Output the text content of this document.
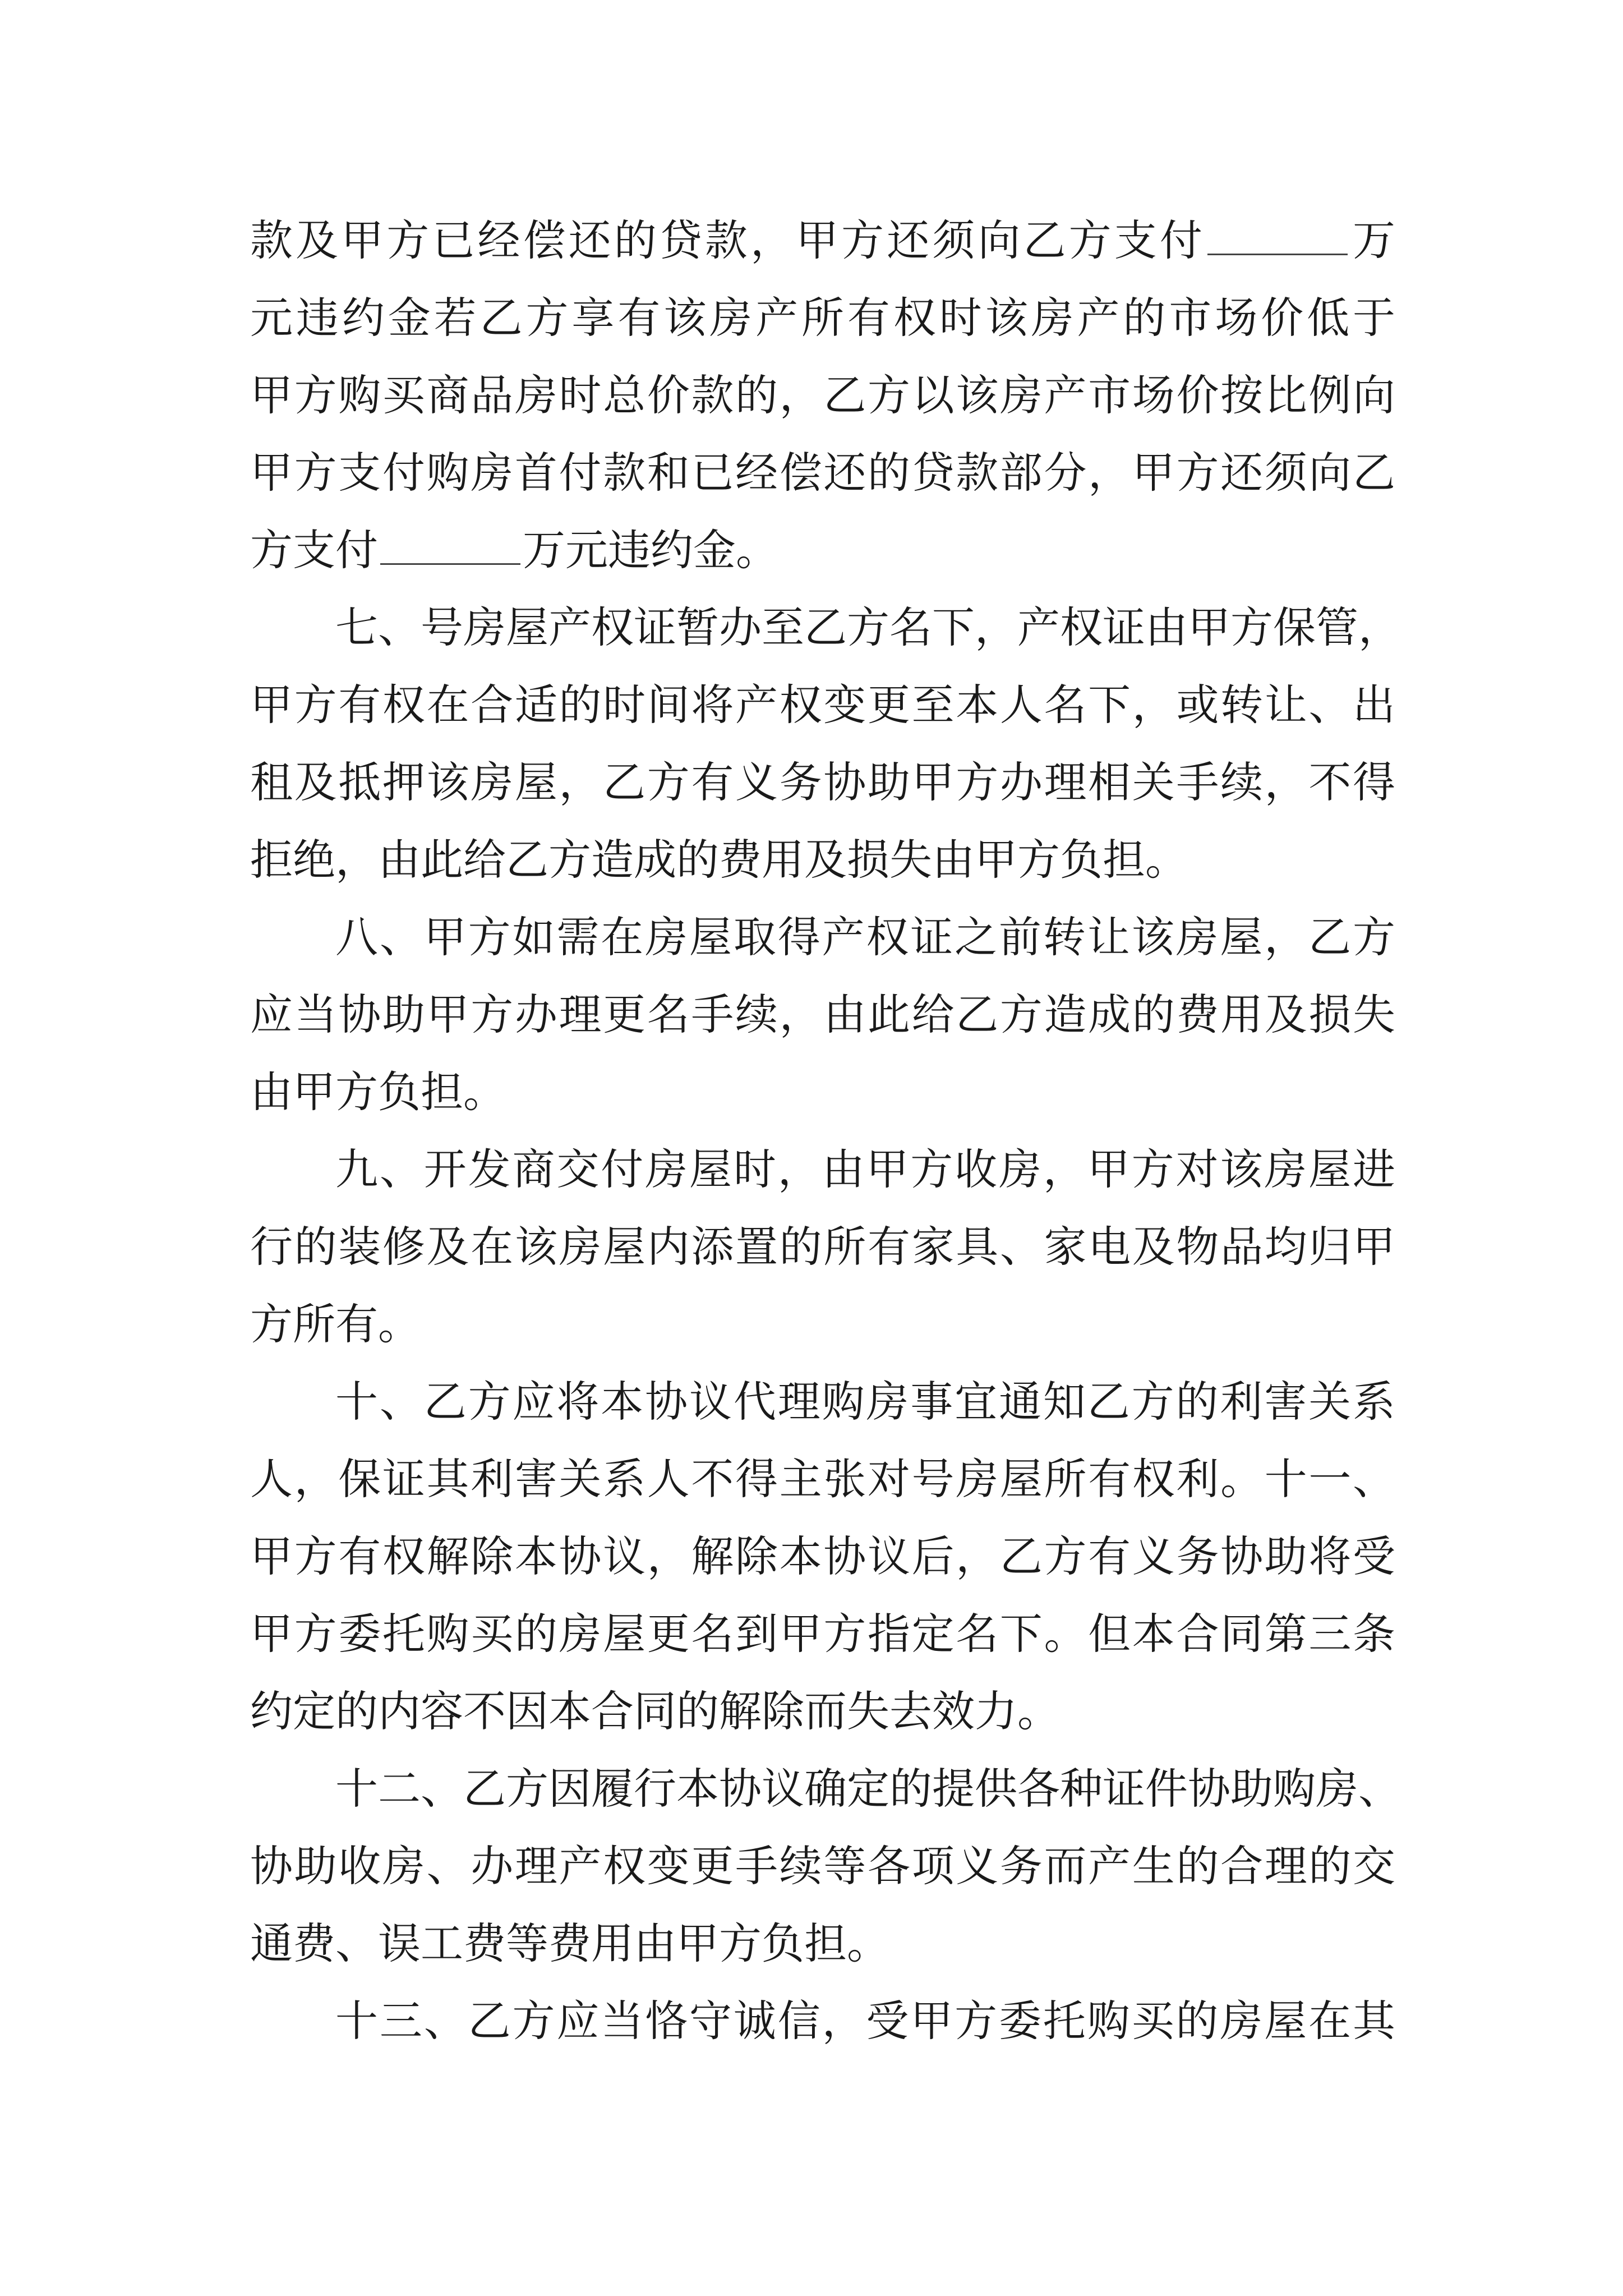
款及甲方已经偿还的贷款，甲方还须向乙方支付	万
元违约金若乙方享有该房产所有权时该房产的市场价低于
甲方购买商品房时总价款的，乙方以该房产市场价按比例向
甲方支付购房首付款和已经偿还的贷款部分，甲方还须向乙
方支付	万元违约金。
七、号房屋产权证暂办至乙方名下，产权证由甲方保管，
甲方有权在合适的时间将产权变更至本人名下，或转让、出
租及抵押该房屋，乙方有义务协助甲方办理相关手续，不得
拒绝，由此给乙方造成的费用及损失由甲方负担。
八、甲方如需在房屋取得产权证之前转让该房屋，乙方
应当协助甲方办理更名手续，由此给乙方造成的费用及损失
由甲方负担。
九、开发商交付房屋时，由甲方收房，甲方对该房屋进
行的装修及在该房屋内添置的所有家具、家电及物品均归甲
方所有。
十、乙方应将本协议代理购房事宜通知乙方的利害关系
人，保证其利害关系人不得主张对号房屋所有权利。十一、
甲方有权解除本协议，解除本协议后，乙方有义务协助将受
甲方委托购买的房屋更名到甲方指定名下。但本合同第三条
约定的内容不因本合同的解除而失去效力。
十二、乙方因履行本协议确定的提供各种证件协助购房、
协助收房、办理产权变更手续等各项义务而产生的合理的交
通费、误工费等费用由甲方负担。
十三、乙方应当恪守诚信，受甲方委托购买的房屋在其
